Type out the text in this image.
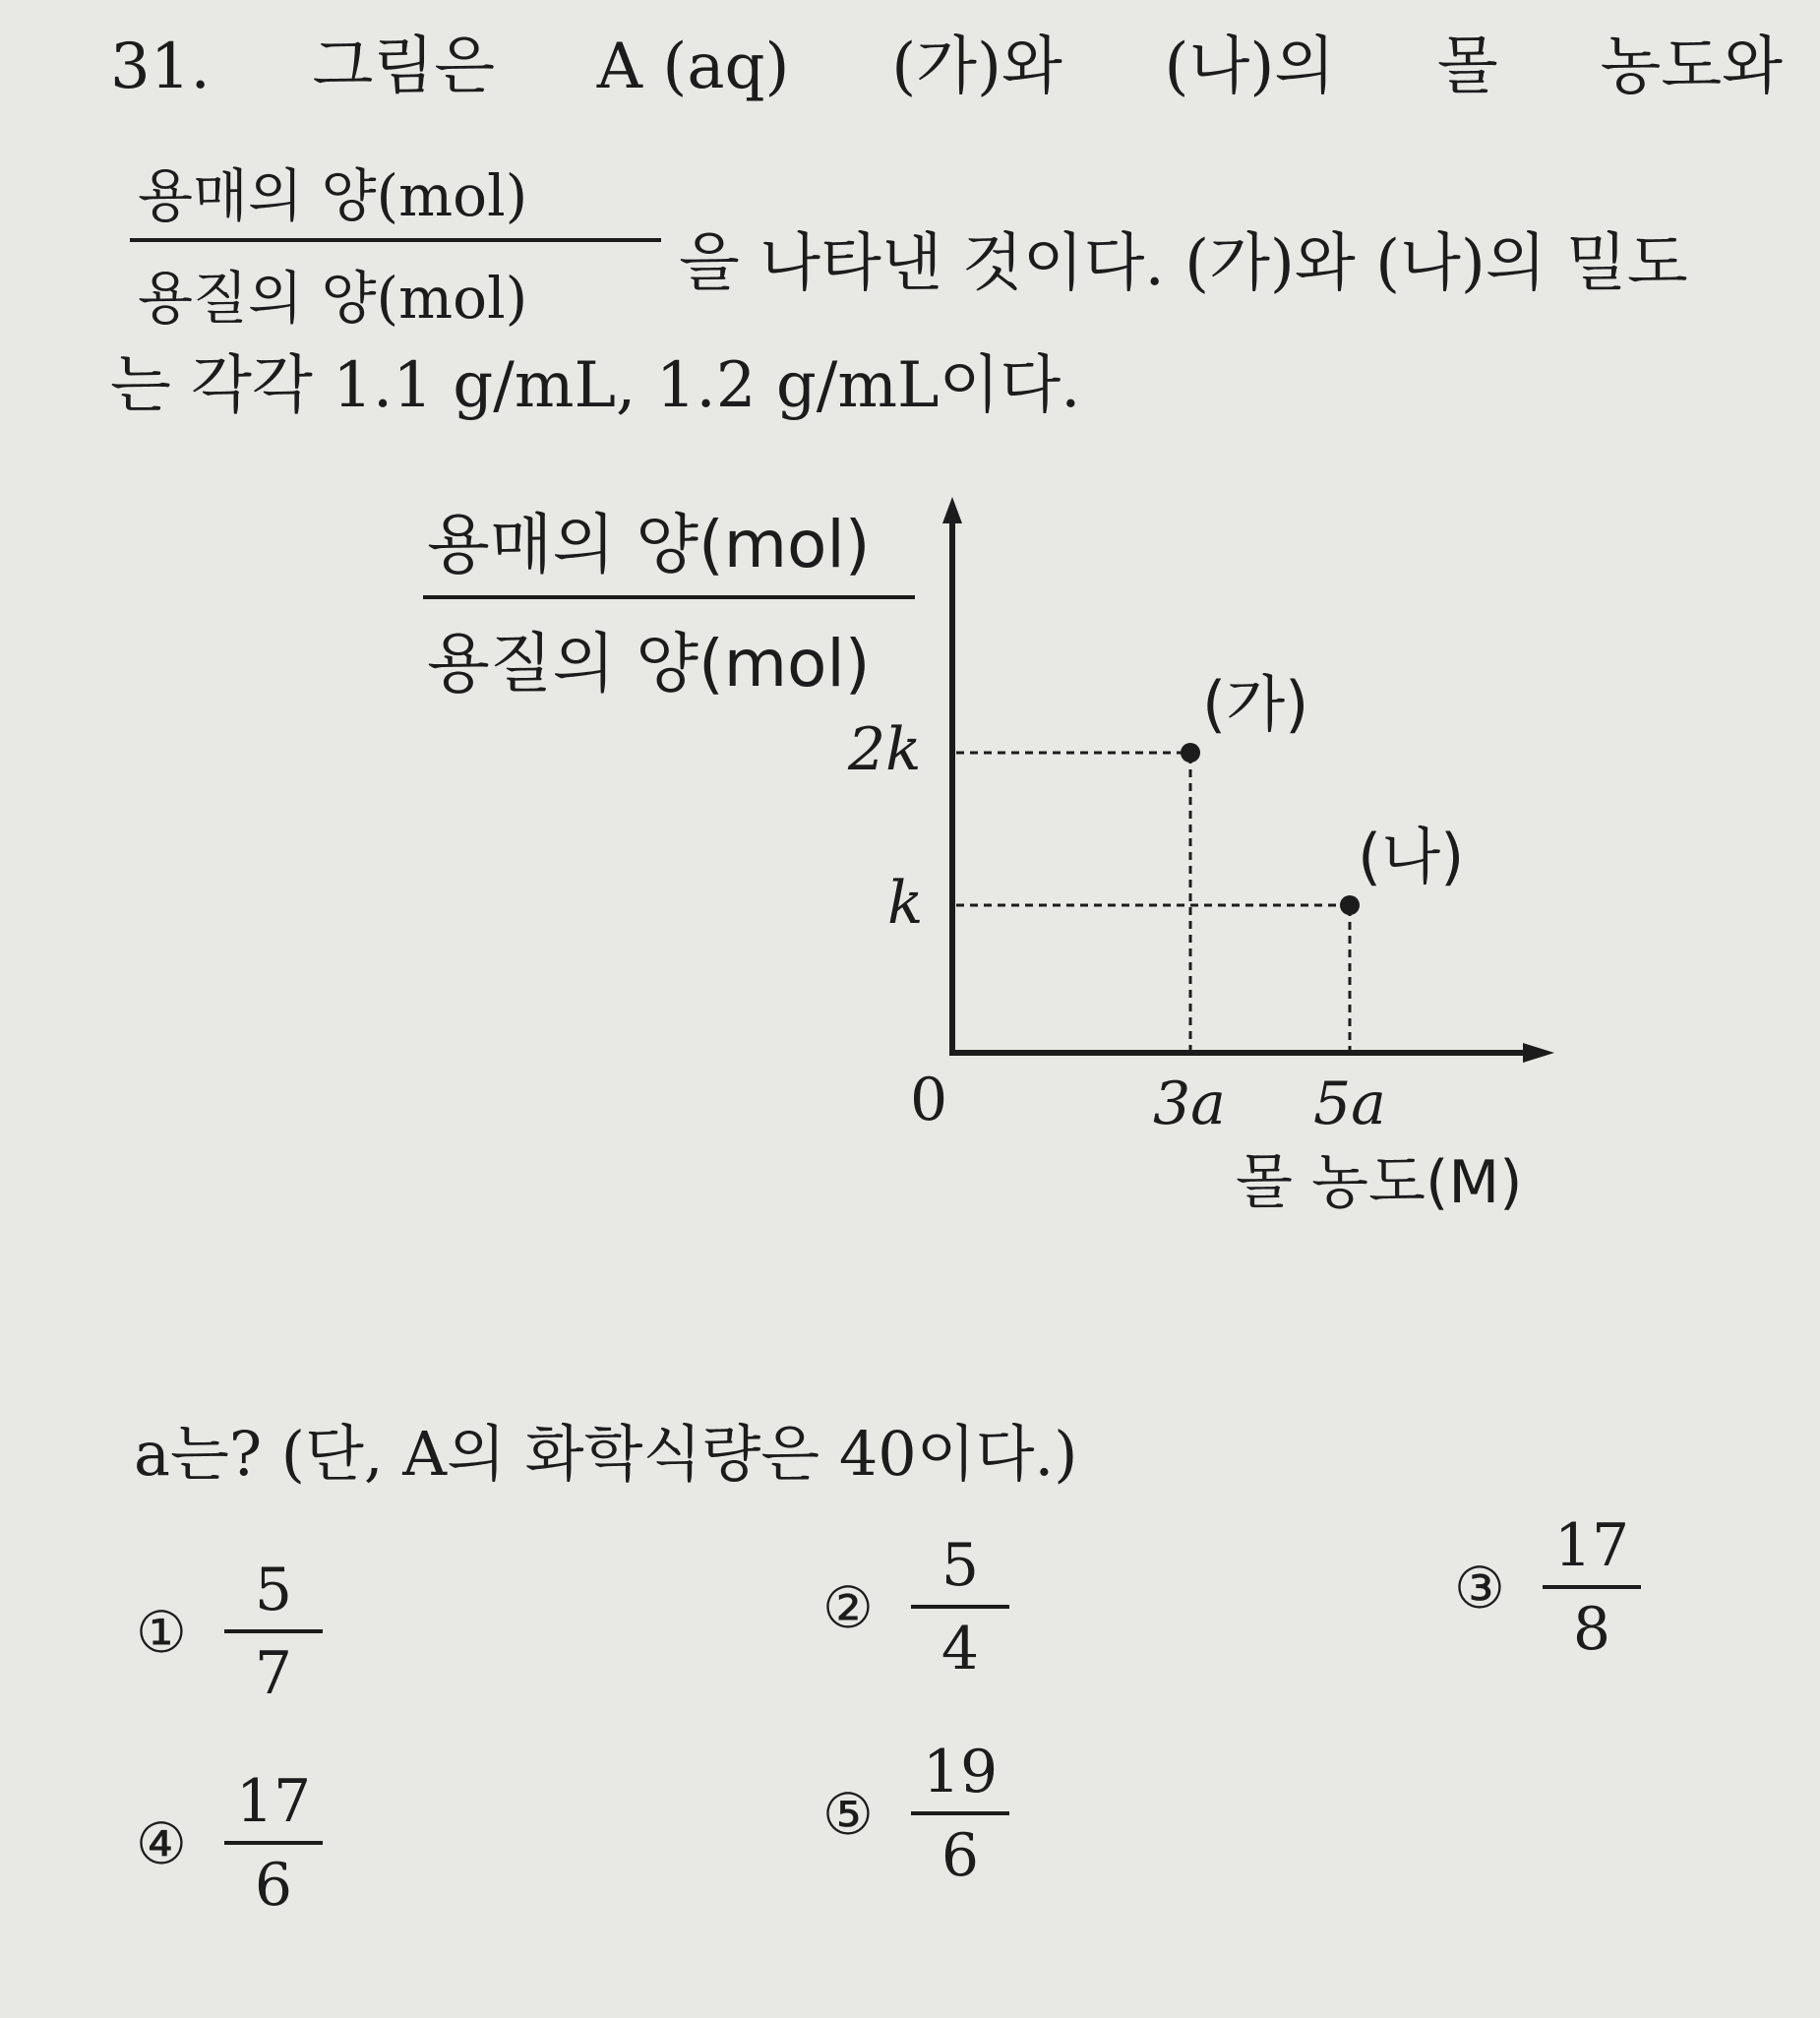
31. 그림은 A (aq) (가)와 (나)의 몰 농도와
용매의 양(mol)
용질의 양(mol)	을 나타낸 것이다. (가)와 (나)의 밀도
는 각각 1.1 g/mL, 1.2 g/mL이다.
용매의 양(mol)
용질의 양(mol)
2k
k
0	3a 5a
몰 농도(M)
(가)
(나)
a는? (단, A의 화학식량은 40이다.)
① $\frac{5}{7}$	② $\frac{5}{4}$	③ $\frac{17}{8}$
④ $\frac{17}{6}$	⑤ $\frac{19}{6}$
